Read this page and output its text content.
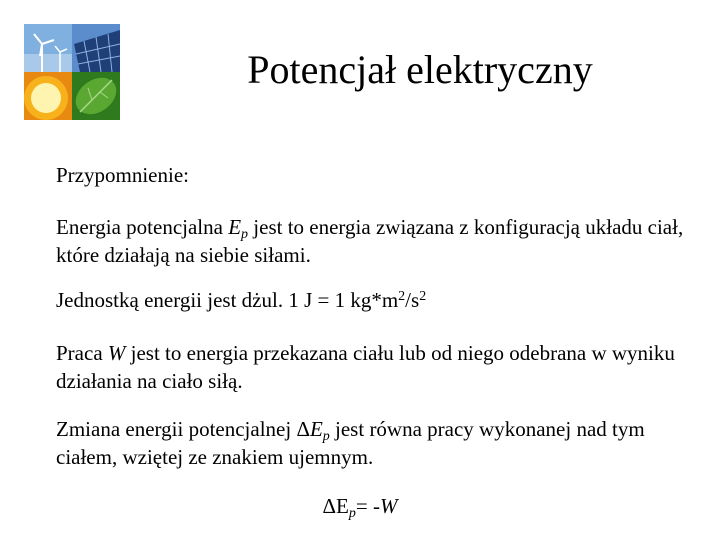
Potencjał elektryczny

Przypomnienie:

Energia potencjalna $E_p$ jest to energia związana z konfiguracją układu ciał, które działają na siebie siłami.

Jednostką energii jest dżul. 1 J = 1 $kg*m^2/s^2$

Praca W jest to energia przekazana ciału lub od niego odebrana w wyniku działania na ciało siłą.

Zmiana energii potencjalnej $\Delta E_p$ jest równa pracy wykonanej nad tym ciałem, wziętej ze znakiem ujemnym.

$\Delta E_p= -W$
